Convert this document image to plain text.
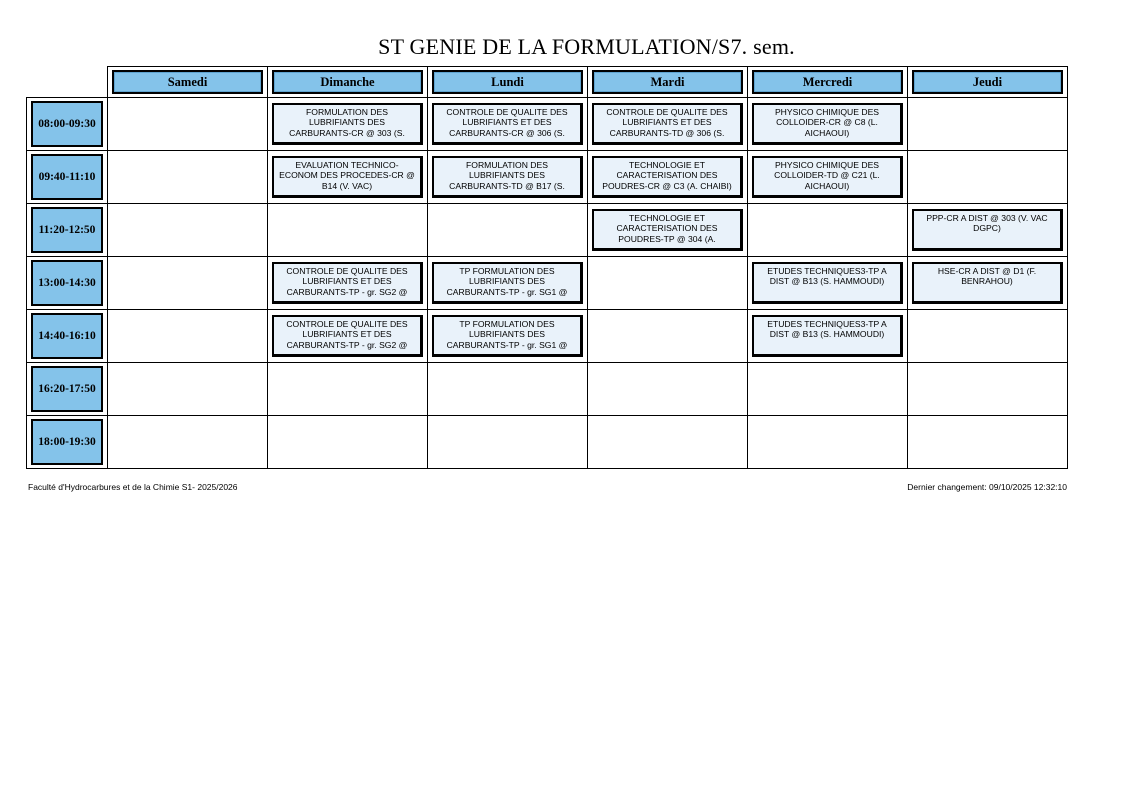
ST GENIE DE LA FORMULATION/S7. sem.

Samedi	Dimanche	Lundi	Mardi	Mercredi	Jeudi

08:00-09:30		FORMULATION DES LUBRIFIANTS DES CARBURANTS-CR @ 303 (S.	CONTROLE DE QUALITE DES LUBRIFIANTS ET DES CARBURANTS-CR @ 306 (S.	CONTROLE DE QUALITE DES LUBRIFIANTS ET DES CARBURANTS-TD @ 306 (S.	PHYSICO CHIMIQUE DES COLLOIDER-CR @ C8 (L. AICHAOUI)	

09:40-11:10		EVALUATION TECHNICO-ECONOM DES PROCEDES-CR @ B14 (V. VAC)	FORMULATION DES LUBRIFIANTS DES CARBURANTS-TD @ B17 (S.	TECHNOLOGIE ET CARACTERISATION DES POUDRES-CR @ C3 (A. CHAIBI)	PHYSICO CHIMIQUE DES COLLOIDER-TD @ C21 (L. AICHAOUI)	

11:20-12:50				TECHNOLOGIE ET CARACTERISATION DES POUDRES-TP @ 304 (A.		PPP-CR A DIST @ 303 (V. VAC DGPC)

13:00-14:30		CONTROLE DE QUALITE DES LUBRIFIANTS ET DES CARBURANTS-TP - gr. SG2 @	TP FORMULATION DES LUBRIFIANTS DES CARBURANTS-TP - gr. SG1 @		ETUDES TECHNIQUES3-TP A DIST @ B13 (S. HAMMOUDI)	HSE-CR A DIST @ D1 (F. BENRAHOU)

14:40-16:10		CONTROLE DE QUALITE DES LUBRIFIANTS ET DES CARBURANTS-TP - gr. SG2 @	TP FORMULATION DES LUBRIFIANTS DES CARBURANTS-TP - gr. SG1 @		ETUDES TECHNIQUES3-TP A DIST @ B13 (S. HAMMOUDI)	

16:20-17:50						

18:00-19:30						

Faculté d'Hydrocarbures et de la Chimie S1- 2025/2026	Dernier changement: 09/10/2025 12:32:10
